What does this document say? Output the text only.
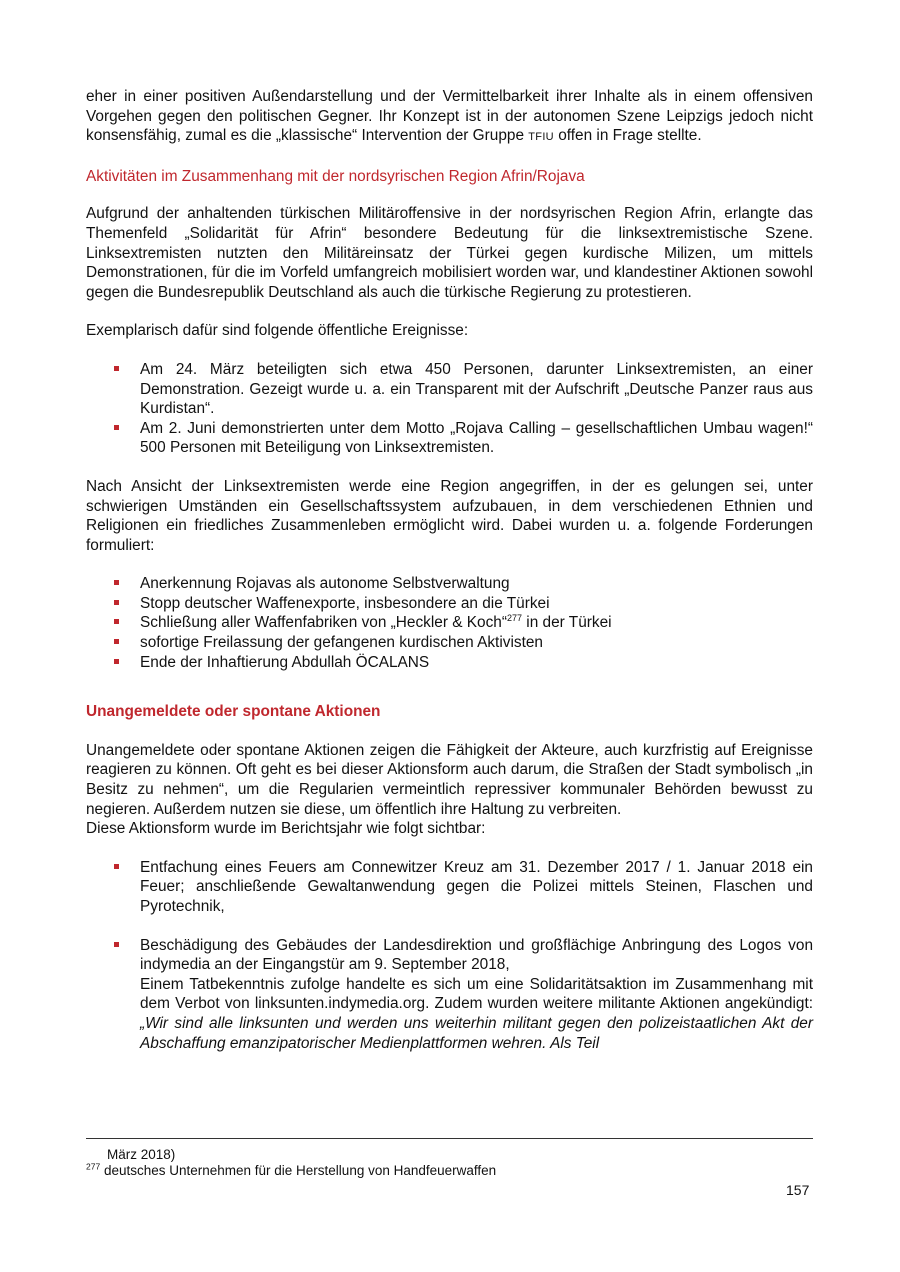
eher in einer positiven Außendarstellung und der Vermittelbarkeit ihrer Inhalte als in einem offensiven Vorgehen gegen den politischen Gegner. Ihr Konzept ist in der autonomen Szene Leipzigs jedoch nicht konsensfähig, zumal es die „klassische“ Intervention der Gruppe TFIU offen in Frage stellte.

Aktivitäten im Zusammenhang mit der nordsyrischen Region Afrin/Rojava

Aufgrund der anhaltenden türkischen Militäroffensive in der nordsyrischen Region Afrin, erlangte das Themenfeld „Solidarität für Afrin“ besondere Bedeutung für die linksextremistische Szene. Linksextremisten nutzten den Militäreinsatz der Türkei gegen kurdische Milizen, um mittels Demonstrationen, für die im Vorfeld umfangreich mobilisiert worden war, und klandestiner Aktionen sowohl gegen die Bundesrepublik Deutschland als auch die türkische Regierung zu protestieren.

Exemplarisch dafür sind folgende öffentliche Ereignisse:

Am 24. März beteiligten sich etwa 450 Personen, darunter Linksextremisten, an einer Demonstration. Gezeigt wurde u. a. ein Transparent mit der Aufschrift „Deutsche Panzer raus aus Kurdistan“.
Am 2. Juni demonstrierten unter dem Motto „Rojava Calling – gesellschaftlichen Umbau wagen!“ 500 Personen mit Beteiligung von Linksextremisten.

Nach Ansicht der Linksextremisten werde eine Region angegriffen, in der es gelungen sei, unter schwierigen Umständen ein Gesellschaftssystem aufzubauen, in dem verschiedenen Ethnien und Religionen ein friedliches Zusammenleben ermöglicht wird. Dabei wurden u. a. folgende Forderungen formuliert:

Anerkennung Rojavas als autonome Selbstverwaltung
Stopp deutscher Waffenexporte, insbesondere an die Türkei
Schließung aller Waffenfabriken von „Heckler & Koch“$^{277}$ in der Türkei
sofortige Freilassung der gefangenen kurdischen Aktivisten
Ende der Inhaftierung Abdullah ÖCALANS
Unangemeldete oder spontane Aktionen

Unangemeldete oder spontane Aktionen zeigen die Fähigkeit der Akteure, auch kurzfristig auf Ereignisse reagieren zu können. Oft geht es bei dieser Aktionsform auch darum, die Straßen der Stadt symbolisch „in Besitz zu nehmen“, um die Regularien vermeintlich repressiver kommunaler Behörden bewusst zu negieren. Außerdem nutzen sie diese, um öffentlich ihre Haltung zu verbreiten.

Diese Aktionsform wurde im Berichtsjahr wie folgt sichtbar:

Entfachung eines Feuers am Connewitzer Kreuz am 31. Dezember 2017 / 1. Januar 2018 ein Feuer; anschließende Gewaltanwendung gegen die Polizei mittels Steinen, Flaschen und Pyrotechnik,
Beschädigung des Gebäudes der Landesdirektion und großflächige Anbringung des Logos von indymedia an der Eingangstür am 9. September 2018,
Einem Tatbekenntnis zufolge handelte es sich um eine Solidaritätsaktion im Zusammenhang mit dem Verbot von linksunten.indymedia.org. Zudem wurden weitere militante Aktionen angekündigt: „Wir sind alle linksunten und werden uns weiterhin militant gegen den polizeistaatlichen Akt der Abschaffung emanzipatorischer Medienplattformen wehren. Als Teil
März 2018)
$^{277}$ deutsches Unternehmen für die Herstellung von Handfeuerwaffen
157
